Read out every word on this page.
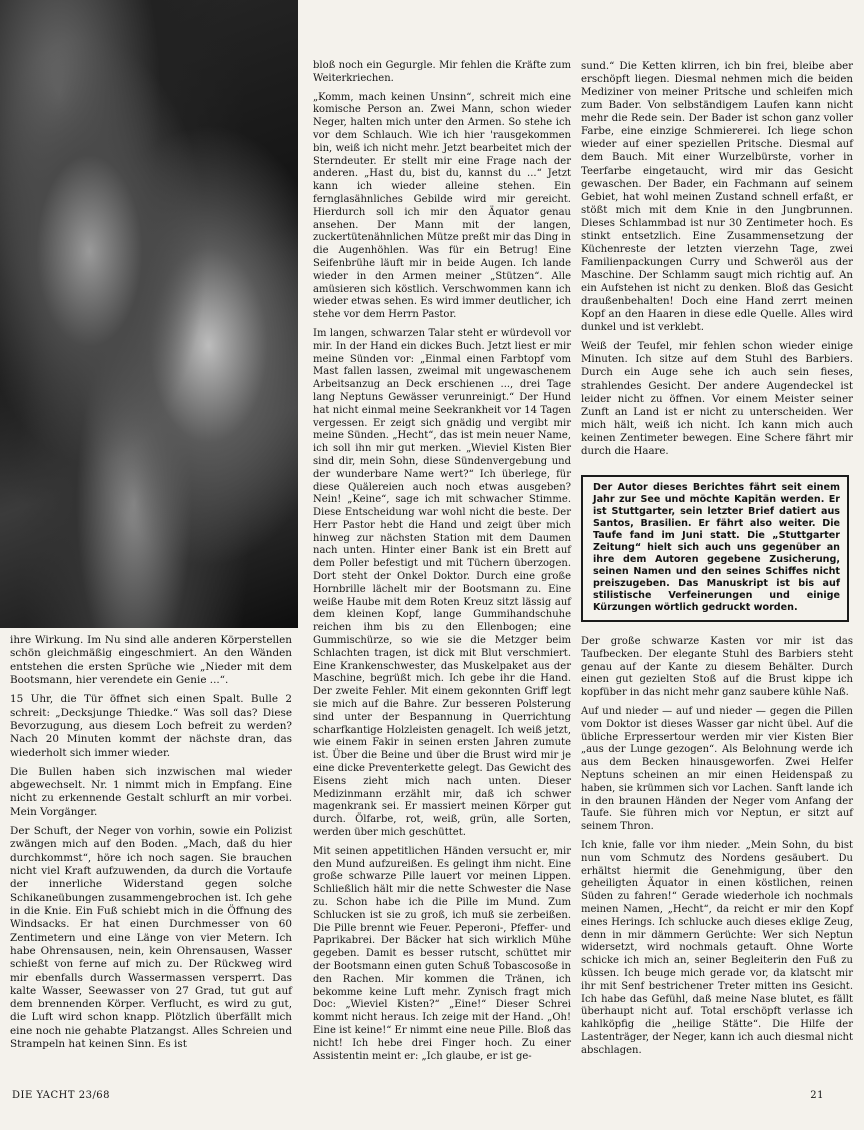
ihre Wirkung. Im Nu sind alle anderen Körperstellen schön gleichmäßig eingeschmiert. An den Wänden entstehen die ersten Sprüche wie „Nieder mit dem Bootsmann, hier verendete ein Genie ...“.

15 Uhr, die Tür öffnet sich einen Spalt. Bulle 2 schreit: „Decksjunge Thiedke.“ Was soll das? Diese Bevorzugung, aus diesem Loch befreit zu werden? Nach 20 Minuten kommt der nächste dran, das wiederholt sich immer wieder.

Die Bullen haben sich inzwischen mal wieder abgewechselt. Nr. 1 nimmt mich in Empfang. Eine nicht zu erkennende Gestalt schlurft an mir vorbei. Mein Vorgänger.

Der Schuft, der Neger von vorhin, sowie ein Polizist zwängen mich auf den Boden. „Mach, daß du hier durchkommst“, höre ich noch sagen. Sie brauchen nicht viel Kraft aufzuwenden, da durch die Vortaufe der innerliche Widerstand gegen solche Schikaneübungen zusammengebrochen ist. Ich gehe in die Knie. Ein Fuß schiebt mich in die Öffnung des Windsacks. Er hat einen Durchmesser von 60 Zentimetern und eine Länge von vier Metern. Ich habe Ohrensausen, nein, kein Ohrensausen, Wasser schießt von ferne auf mich zu. Der Rückweg wird mir ebenfalls durch Wassermassen versperrt. Das kalte Wasser, Seewasser von 27 Grad, tut gut auf dem brennenden Körper. Verflucht, es wird zu gut, die Luft wird schon knapp. Plötzlich überfällt mich eine noch nie gehabte Platzangst. Alles Schreien und Strampeln hat keinen Sinn. Es ist

bloß noch ein Gegurgle. Mir fehlen die Kräfte zum Weiterkriechen.

„Komm, mach keinen Unsinn“, schreit mich eine komische Person an. Zwei Mann, schon wieder Neger, halten mich unter den Armen. So stehe ich vor dem Schlauch. Wie ich hier 'rausgekommen bin, weiß ich nicht mehr. Jetzt bearbeitet mich der Sterndeuter. Er stellt mir eine Frage nach der anderen. „Hast du, bist du, kannst du ...“ Jetzt kann ich wieder alleine stehen. Ein fernglasähnliches Gebilde wird mir gereicht. Hierdurch soll ich mir den Äquator genau ansehen. Der Mann mit der langen, zuckertütenähnlichen Mütze preßt mir das Ding in die Augenhöhlen. Was für ein Betrug! Eine Seifenbrühe läuft mir in beide Augen. Ich lande wieder in den Armen meiner „Stützen“. Alle amüsieren sich köstlich. Verschwommen kann ich wieder etwas sehen. Es wird immer deutlicher, ich stehe vor dem Herrn Pastor.

Im langen, schwarzen Talar steht er würdevoll vor mir. In der Hand ein dickes Buch. Jetzt liest er mir meine Sünden vor: „Einmal einen Farbtopf vom Mast fallen lassen, zweimal mit ungewaschenem Arbeitsanzug an Deck erschienen ..., drei Tage lang Neptuns Gewässer verunreinigt.“ Der Hund hat nicht einmal meine Seekrankheit vor 14 Tagen vergessen. Er zeigt sich gnädig und vergibt mir meine Sünden. „Hecht“, das ist mein neuer Name, ich soll ihn mir gut merken. „Wieviel Kisten Bier sind dir, mein Sohn, diese Sündenvergebung und der wunderbare Name wert?“ Ich überlege, für diese Quälereien auch noch etwas ausgeben? Nein! „Keine“, sage ich mit schwacher Stimme. Diese Entscheidung war wohl nicht die beste. Der Herr Pastor hebt die Hand und zeigt über mich hinweg zur nächsten Station mit dem Daumen nach unten. Hinter einer Bank ist ein Brett auf dem Poller befestigt und mit Tüchern überzogen. Dort steht der Onkel Doktor. Durch eine große Hornbrille lächelt mir der Bootsmann zu. Eine weiße Haube mit dem Roten Kreuz sitzt lässig auf dem kleinen Kopf, lange Gummihandschuhe reichen ihm bis zu den Ellenbogen; eine Gummischürze, so wie sie die Metzger beim Schlachten tragen, ist dick mit Blut verschmiert. Eine Krankenschwester, das Muskelpaket aus der Maschine, begrüßt mich. Ich gebe ihr die Hand. Der zweite Fehler. Mit einem gekonnten Griff legt sie mich auf die Bahre. Zur besseren Polsterung sind unter der Bespannung in Querrichtung scharfkantige Holzleisten genagelt. Ich weiß jetzt, wie einem Fakir in seinen ersten Jahren zumute ist. Über die Beine und über die Brust wird mir je eine dicke Preventerkette gelegt. Das Gewicht des Eisens zieht mich nach unten. Dieser Medizinmann erzählt mir, daß ich schwer magenkrank sei. Er massiert meinen Körper gut durch. Ölfarbe, rot, weiß, grün, alle Sorten, werden über mich geschüttet.

Mit seinen appetitlichen Händen versucht er, mir den Mund aufzureißen. Es gelingt ihm nicht. Eine große schwarze Pille lauert vor meinen Lippen. Schließlich hält mir die nette Schwester die Nase zu. Schon habe ich die Pille im Mund. Zum Schlucken ist sie zu groß, ich muß sie zerbeißen. Die Pille brennt wie Feuer. Peperoni-, Pfeffer- und Paprikabrei. Der Bäcker hat sich wirklich Mühe gegeben. Damit es besser rutscht, schüttet mir der Bootsmann einen guten Schuß Tobascosoße in den Rachen. Mir kommen die Tränen, ich bekomme keine Luft mehr. Zynisch fragt mich Doc: „Wieviel Kisten?“ „Eine!“ Dieser Schrei kommt nicht heraus. Ich zeige mit der Hand. „Oh! Eine ist keine!“ Er nimmt eine neue Pille. Bloß das nicht! Ich hebe drei Finger hoch. Zu einer Assistentin meint er: „Ich glaube, er ist ge-

sund.“ Die Ketten klirren, ich bin frei, bleibe aber erschöpft liegen. Diesmal nehmen mich die beiden Mediziner von meiner Pritsche und schleifen mich zum Bader. Von selbständigem Laufen kann nicht mehr die Rede sein. Der Bader ist schon ganz voller Farbe, eine einzige Schmiererei. Ich liege schon wieder auf einer speziellen Pritsche. Diesmal auf dem Bauch. Mit einer Wurzelbürste, vorher in Teerfarbe eingetaucht, wird mir das Gesicht gewaschen. Der Bader, ein Fachmann auf seinem Gebiet, hat wohl meinen Zustand schnell erfaßt, er stößt mich mit dem Knie in den Jungbrunnen. Dieses Schlammbad ist nur 30 Zentimeter hoch. Es stinkt entsetzlich. Eine Zusammensetzung der Küchenreste der letzten vierzehn Tage, zwei Familienpackungen Curry und Schweröl aus der Maschine. Der Schlamm saugt mich richtig auf. An ein Aufstehen ist nicht zu denken. Bloß das Gesicht draußenbehalten! Doch eine Hand zerrt meinen Kopf an den Haaren in diese edle Quelle. Alles wird dunkel und ist verklebt.

Weiß der Teufel, mir fehlen schon wieder einige Minuten. Ich sitze auf dem Stuhl des Barbiers. Durch ein Auge sehe ich auch sein fieses, strahlendes Gesicht. Der andere Augendeckel ist leider nicht zu öffnen. Vor einem Meister seiner Zunft an Land ist er nicht zu unterscheiden. Wer mich hält, weiß ich nicht. Ich kann mich auch keinen Zentimeter bewegen. Eine Schere fährt mir durch die Haare.

Der Autor dieses Berichtes fährt seit einem Jahr zur See und möchte Kapitän werden. Er ist Stuttgarter, sein letzter Brief datiert aus Santos, Brasilien. Er fährt also weiter. Die Taufe fand im Juni statt. Die „Stuttgarter Zeitung“ hielt sich auch uns gegenüber an ihre dem Autoren gegebene Zusicherung, seinen Namen und den seines Schiffes nicht preiszugeben. Das Manuskript ist bis auf stilistische Verfeinerungen und einige Kürzungen wörtlich gedruckt worden.

Der große schwarze Kasten vor mir ist das Taufbecken. Der elegante Stuhl des Barbiers steht genau auf der Kante zu diesem Behälter. Durch einen gut gezielten Stoß auf die Brust kippe ich kopfüber in das nicht mehr ganz saubere kühle Naß.

Auf und nieder — auf und nieder — gegen die Pillen vom Doktor ist dieses Wasser gar nicht übel. Auf die übliche Erpressertour werden mir vier Kisten Bier „aus der Lunge gezogen“. Als Belohnung werde ich aus dem Becken hinausgeworfen. Zwei Helfer Neptuns scheinen an mir einen Heidenspaß zu haben, sie krümmen sich vor Lachen. Sanft lande ich in den braunen Händen der Neger vom Anfang der Taufe. Sie führen mich vor Neptun, er sitzt auf seinem Thron.

Ich knie, falle vor ihm nieder. „Mein Sohn, du bist nun vom Schmutz des Nordens gesäubert. Du erhältst hiermit die Genehmigung, über den geheiligten Äquator in einen köstlichen, reinen Süden zu fahren!“ Gerade wiederhole ich nochmals meinen Namen, „Hecht“, da reicht er mir den Kopf eines Herings. Ich schlucke auch dieses eklige Zeug, denn in mir dämmern Gerüchte: Wer sich Neptun widersetzt, wird nochmals getauft. Ohne Worte schicke ich mich an, seiner Begleiterin den Fuß zu küssen. Ich beuge mich gerade vor, da klatscht mir ihr mit Senf bestrichener Treter mitten ins Gesicht. Ich habe das Gefühl, daß meine Nase blutet, es fällt überhaupt nicht auf. Total erschöpft verlasse ich kahlköpfig die „heilige Stätte“. Die Hilfe der Lastenträger, der Neger, kann ich auch diesmal nicht abschlagen.

DIE YACHT 23/68	21
